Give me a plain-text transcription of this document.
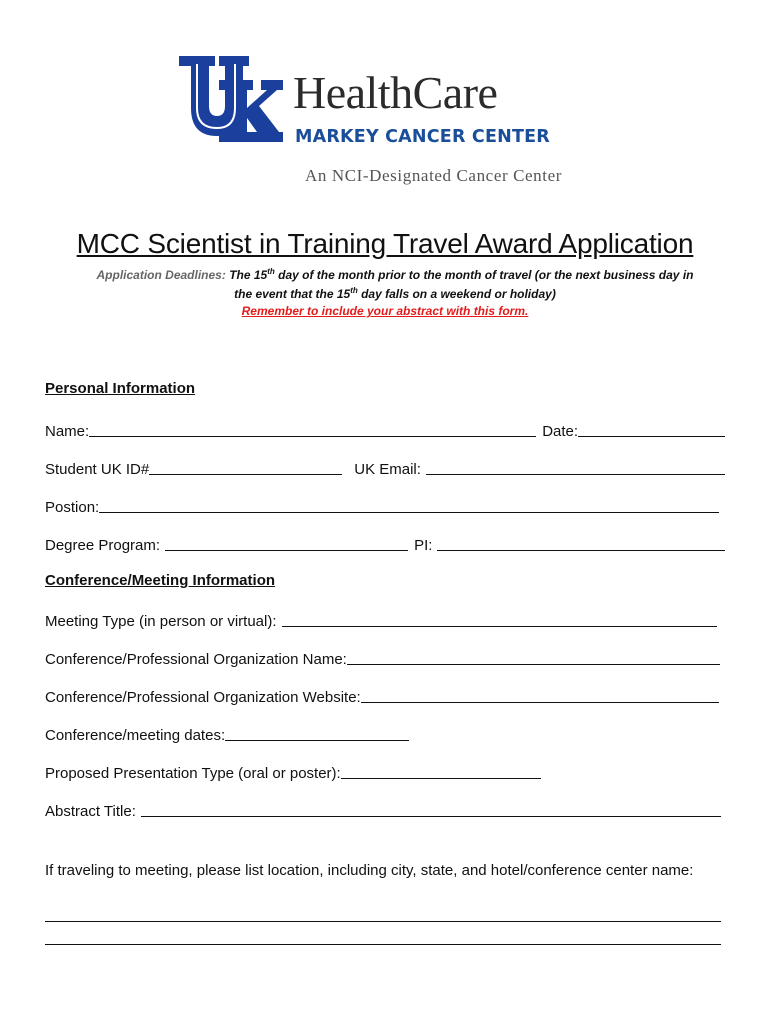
HealthCare
MARKEY CANCER CENTER
An NCI-Designated Cancer Center
MCC Scientist in Training Travel Award Application
Application Deadlines: The 15th day of the month prior to the month of travel (or the next business day in
the event that the 15th day falls on a weekend or holiday)
Remember to include your abstract with this form.
Personal Information
Name:	Date:
Student UK ID#	UK Email:
Postion:
Degree Program:	PI:
Conference/Meeting Information
Meeting Type (in person or virtual):
Conference/Professional Organization Name:
Conference/Professional Organization Website:
Conference/meeting dates:
Proposed Presentation Type (oral or poster):
Abstract Title:
If traveling to meeting, please list location, including city, state, and hotel/conference center name:
